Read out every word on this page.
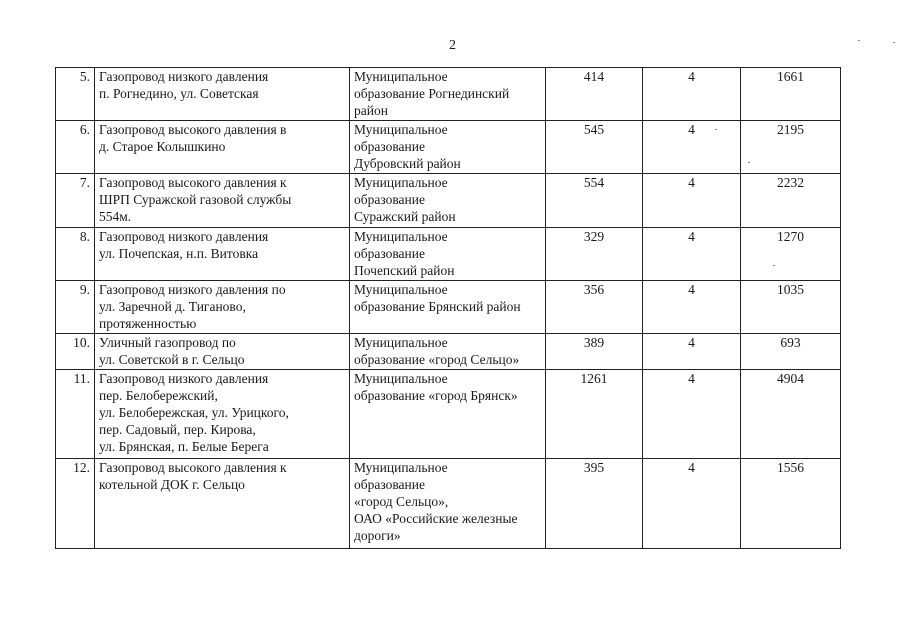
2
5.	Газопровод низкого давления
п. Рогнедино, ул. Советская	Муниципальное
образование Рогнединский
район	414	4	1661
6.	Газопровод высокого давления в
д. Старое Колышкино	Муниципальное
образование
Дубровский район	545	4	2195
7.	Газопровод высокого давления к
ШРП Суражской газовой службы
554м.	Муниципальное
образование
Суражский район	554	4	2232
8.	Газопровод низкого давления
ул. Почепская, н.п. Витовка	Муниципальное
образование
Почепский район	329	4	1270
9.	Газопровод низкого давления по
ул. Заречной д. Тиганово,
протяженностью	Муниципальное
образование Брянский район	356	4	1035
10.	Уличный газопровод по
ул. Советской в г. Сельцо	Муниципальное
образование «город Сельцо»	389	4	693
11.	Газопровод низкого давления
пер. Белобережский,
ул. Белобережская, ул. Урицкого,
пер. Садовый, пер. Кирова,
ул. Брянская, п. Белые Берега	Муниципальное
образование «город Брянск»	1261	4	4904
12.	Газопровод высокого давления к
котельной ДОК г. Сельцо	Муниципальное
образование
«город Сельцо»,
ОАО «Российские железные
дороги»	395	4	1556
